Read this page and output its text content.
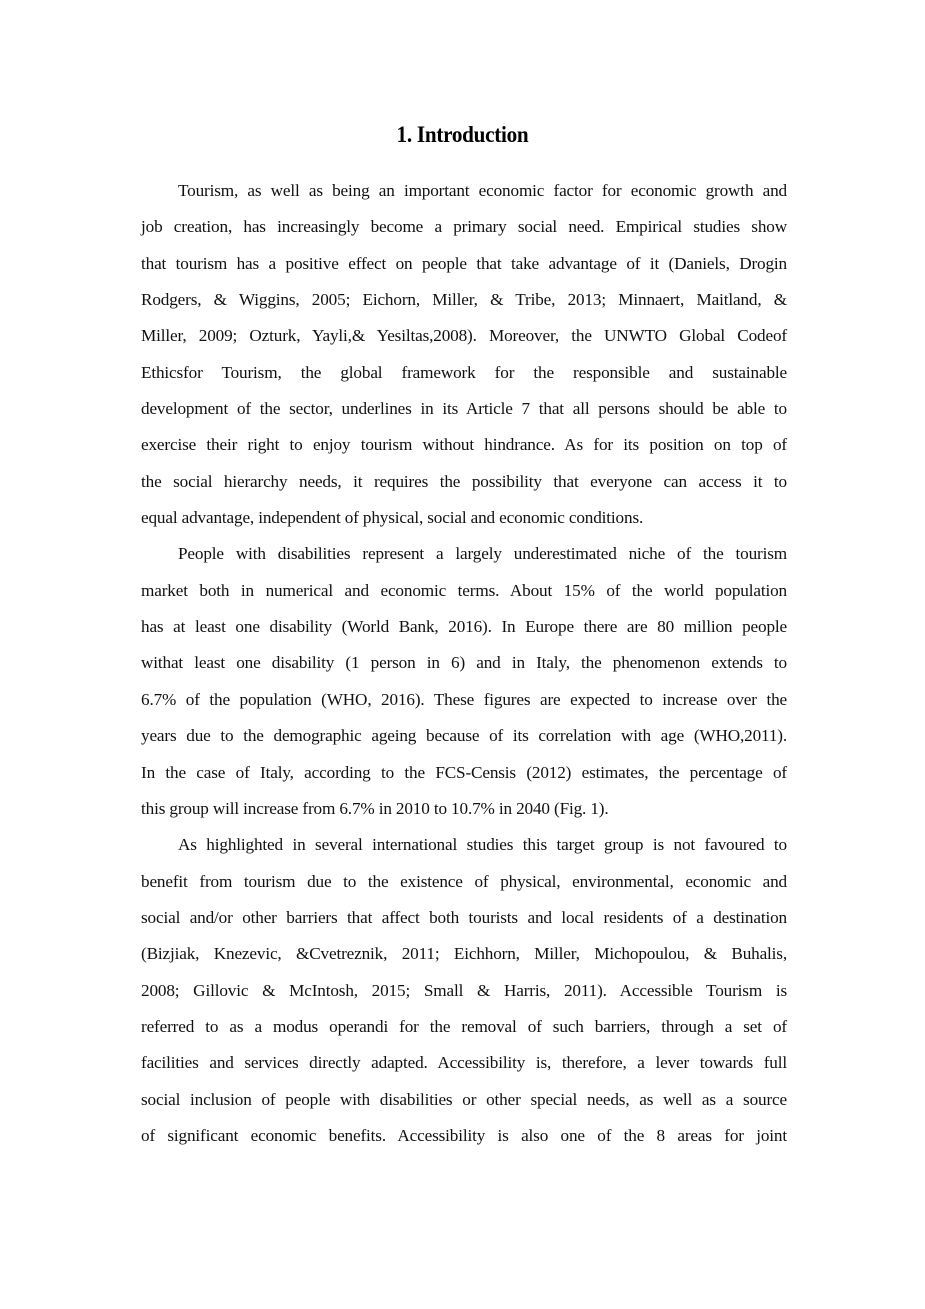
1. Introduction
Tourism, as well as being an important economic factor for economic growth and
job creation, has increasingly become a primary social need. Empirical studies show
that tourism has a positive effect on people that take advantage of it (Daniels, Drogin
Rodgers, & Wiggins, 2005; Eichorn, Miller, & Tribe, 2013; Minnaert, Maitland, &
Miller, 2009; Ozturk, Yayli,& Yesiltas,2008). Moreover, the UNWTO Global Codeof
Ethicsfor Tourism, the global framework for the responsible and sustainable
development of the sector, underlines in its Article 7 that all persons should be able to
exercise their right to enjoy tourism without hindrance. As for its position on top of
the social hierarchy needs, it requires the possibility that everyone can access it to
equal advantage, independent of physical, social and economic conditions.
People with disabilities represent a largely underestimated niche of the tourism
market both in numerical and economic terms. About 15% of the world population
has at least one disability (World Bank, 2016). In Europe there are 80 million people
withat least one disability (1 person in 6) and in Italy, the phenomenon extends to
6.7% of the population (WHO, 2016). These figures are expected to increase over the
years due to the demographic ageing because of its correlation with age (WHO,2011).
In the case of Italy, according to the FCS-Censis (2012) estimates, the percentage of
this group will increase from 6.7% in 2010 to 10.7% in 2040 (Fig. 1).
As highlighted in several international studies this target group is not favoured to
benefit from tourism due to the existence of physical, environmental, economic and
social and/or other barriers that affect both tourists and local residents of a destination
(Bizjiak, Knezevic, &Cvetreznik, 2011; Eichhorn, Miller, Michopoulou, & Buhalis,
2008; Gillovic & McIntosh, 2015; Small & Harris, 2011). Accessible Tourism is
referred to as a modus operandi for the removal of such barriers, through a set of
facilities and services directly adapted. Accessibility is, therefore, a lever towards full
social inclusion of people with disabilities or other special needs, as well as a source
of significant economic benefits. Accessibility is also one of the 8 areas for joint
